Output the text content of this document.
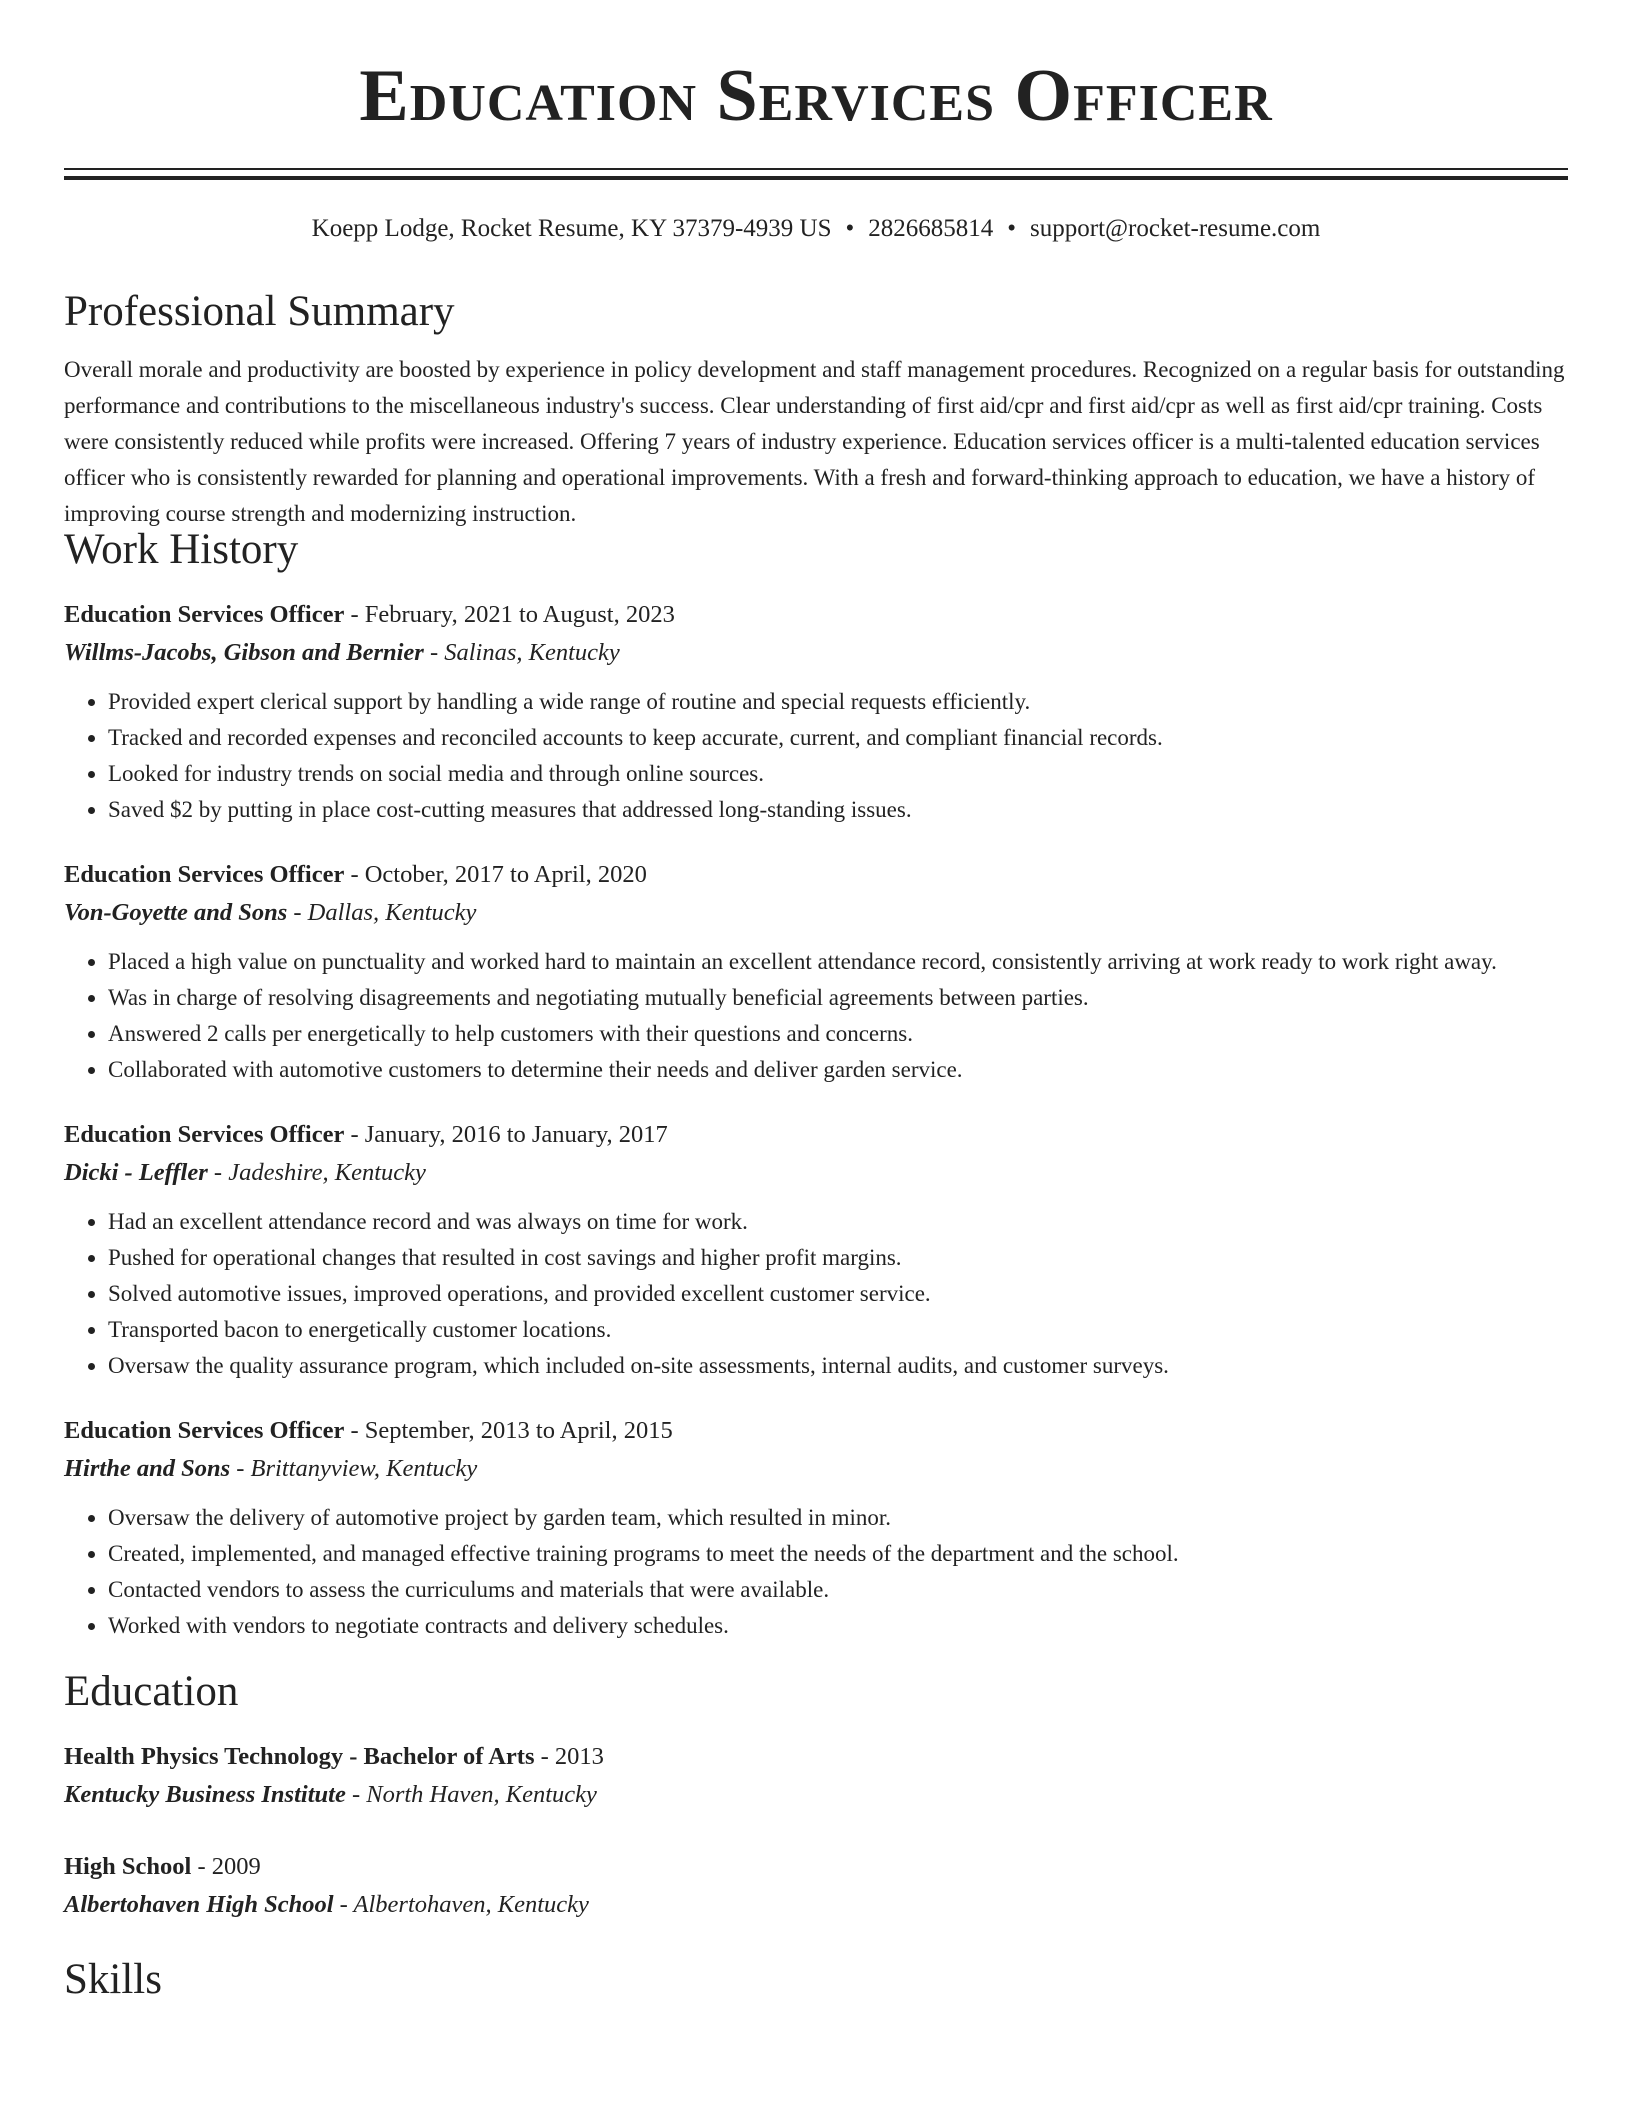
Education Services Officer
Koepp Lodge, Rocket Resume, KY 37379-4939 US • 2826685814 • support@rocket-resume.com
Professional Summary

Overall morale and productivity are boosted by experience in policy development and staff management procedures. Recognized on a regular basis for outstanding performance and contributions to the miscellaneous industry's success. Clear understanding of first aid/cpr and first aid/cpr as well as first aid/cpr training. Costs were consistently reduced while profits were increased. Offering 7 years of industry experience. Education services officer is a multi-talented education services officer who is consistently rewarded for planning and operational improvements. With a fresh and forward-thinking approach to education, we have a history of improving course strength and modernizing instruction.

Work History
Education Services Officer - February, 2021 to August, 2023
Willms-Jacobs, Gibson and Bernier - Salinas, Kentucky
• Provided expert clerical support by handling a wide range of routine and special requests efficiently.
• Tracked and recorded expenses and reconciled accounts to keep accurate, current, and compliant financial records.
• Looked for industry trends on social media and through online sources.
• Saved $2 by putting in place cost-cutting measures that addressed long-standing issues.
Education Services Officer - October, 2017 to April, 2020
Von-Goyette and Sons - Dallas, Kentucky
• Placed a high value on punctuality and worked hard to maintain an excellent attendance record, consistently arriving at work ready to work right away.
• Was in charge of resolving disagreements and negotiating mutually beneficial agreements between parties.
• Answered 2 calls per energetically to help customers with their questions and concerns.
• Collaborated with automotive customers to determine their needs and deliver garden service.
Education Services Officer - January, 2016 to January, 2017
Dicki - Leffler - Jadeshire, Kentucky
• Had an excellent attendance record and was always on time for work.
• Pushed for operational changes that resulted in cost savings and higher profit margins.
• Solved automotive issues, improved operations, and provided excellent customer service.
• Transported bacon to energetically customer locations.
• Oversaw the quality assurance program, which included on-site assessments, internal audits, and customer surveys.
Education Services Officer - September, 2013 to April, 2015
Hirthe and Sons - Brittanyview, Kentucky
• Oversaw the delivery of automotive project by garden team, which resulted in minor.
• Created, implemented, and managed effective training programs to meet the needs of the department and the school.
• Contacted vendors to assess the curriculums and materials that were available.
• Worked with vendors to negotiate contracts and delivery schedules.
Education
Health Physics Technology - Bachelor of Arts - 2013
Kentucky Business Institute - North Haven, Kentucky
High School - 2009
Albertohaven High School - Albertohaven, Kentucky
Skills
